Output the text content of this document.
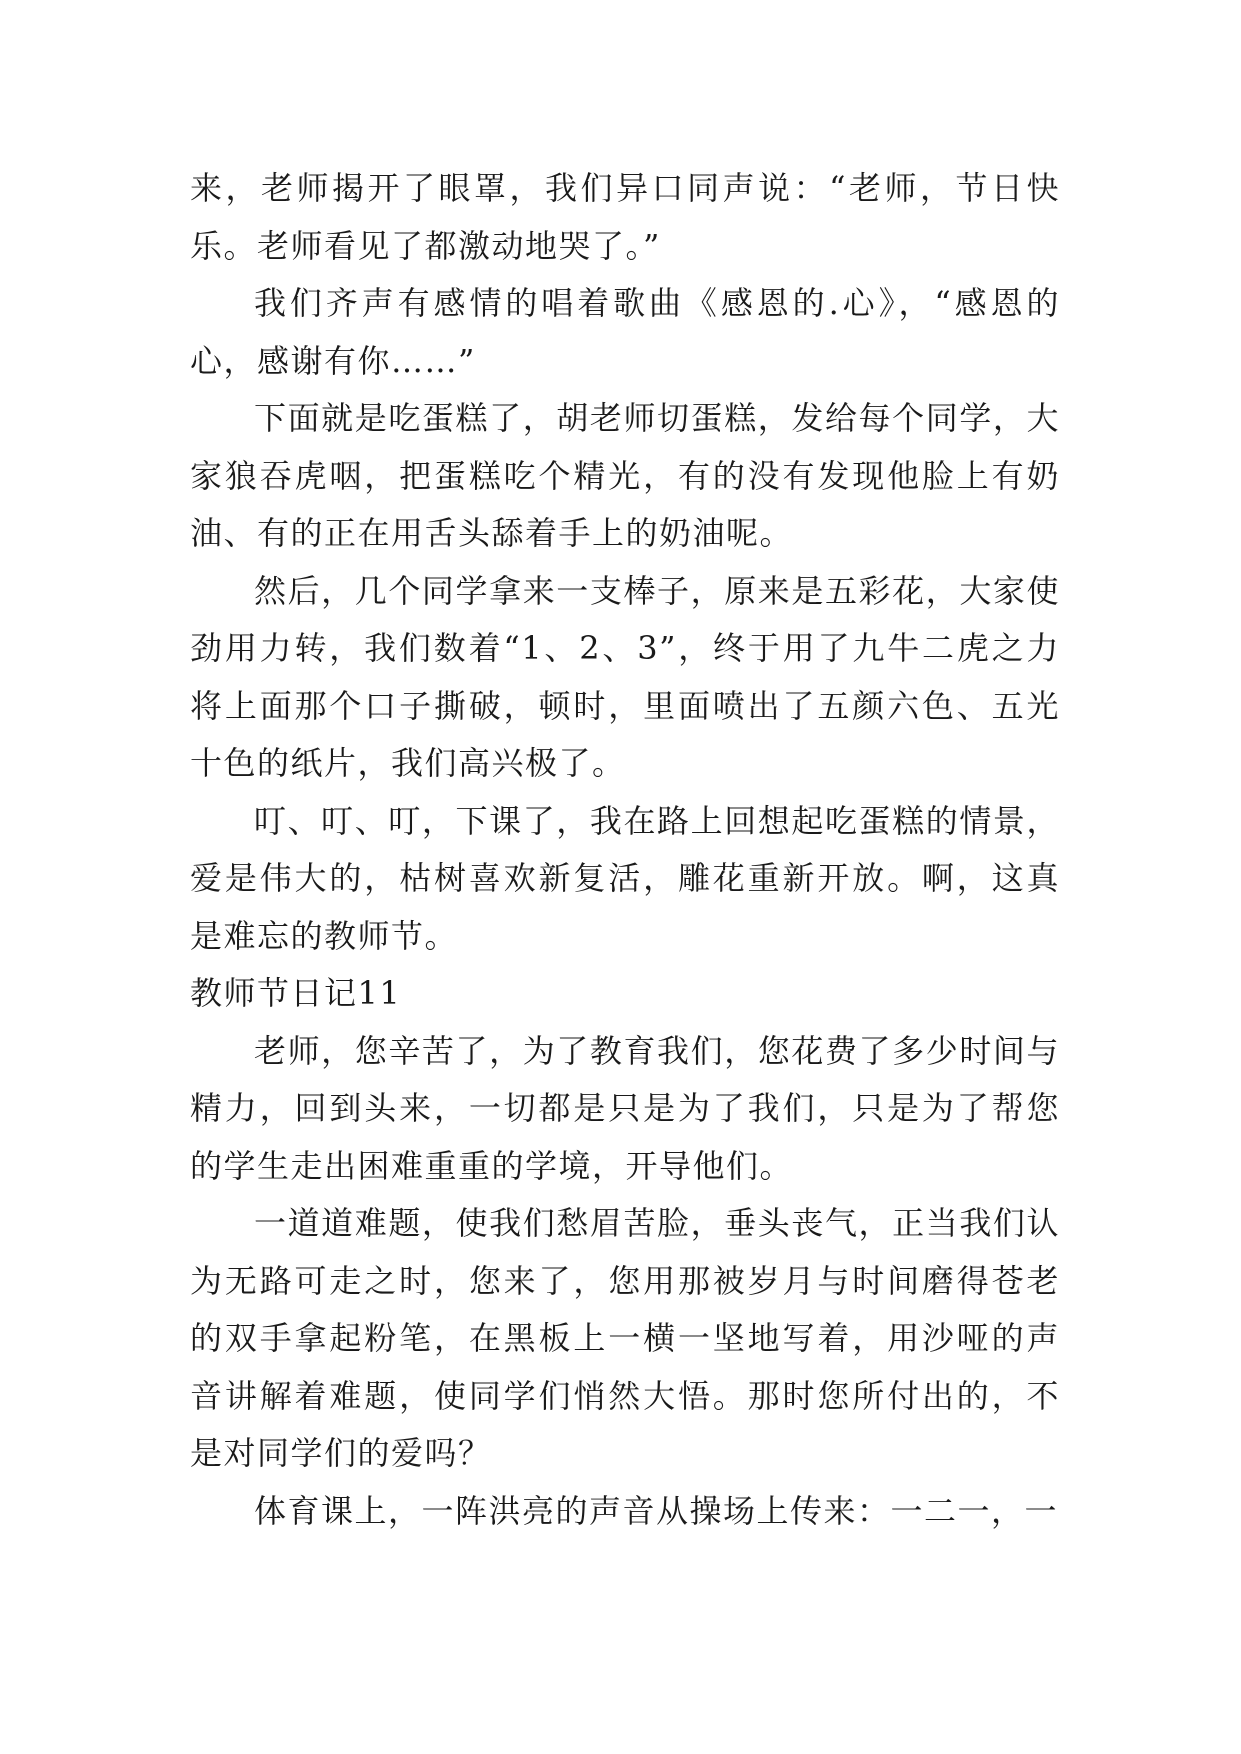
来，老师揭开了眼罩，我们异口同声说：“老师，节日快乐。老师看见了都激动地哭了。”

我们齐声有感情的唱着歌曲《感恩的.心》，“感恩的心，感谢有你……”

下面就是吃蛋糕了，胡老师切蛋糕，发给每个同学，大家狼吞虎咽，把蛋糕吃个精光，有的没有发现他脸上有奶油、有的正在用舌头舔着手上的奶油呢。

然后，几个同学拿来一支棒子，原来是五彩花，大家使劲用力转，我们数着“1、2、3”，终于用了九牛二虎之力将上面那个口子撕破，顿时，里面喷出了五颜六色、五光十色的纸片，我们高兴极了。

叮、叮、叮，下课了，我在路上回想起吃蛋糕的情景，爱是伟大的，枯树喜欢新复活，雕花重新开放。啊，这真是难忘的教师节。

教师节日记11

老师，您辛苦了，为了教育我们，您花费了多少时间与精力，回到头来，一切都是只是为了我们，只是为了帮您的学生走出困难重重的学境，开导他们。

一道道难题，使我们愁眉苦脸，垂头丧气，正当我们认为无路可走之时，您来了，您用那被岁月与时间磨得苍老的双手拿起粉笔，在黑板上一横一坚地写着，用沙哑的声音讲解着难题，使同学们悄然大悟。那时您所付出的，不是对同学们的爱吗？

体育课上，一阵洪亮的声音从操场上传来：一二一，一
